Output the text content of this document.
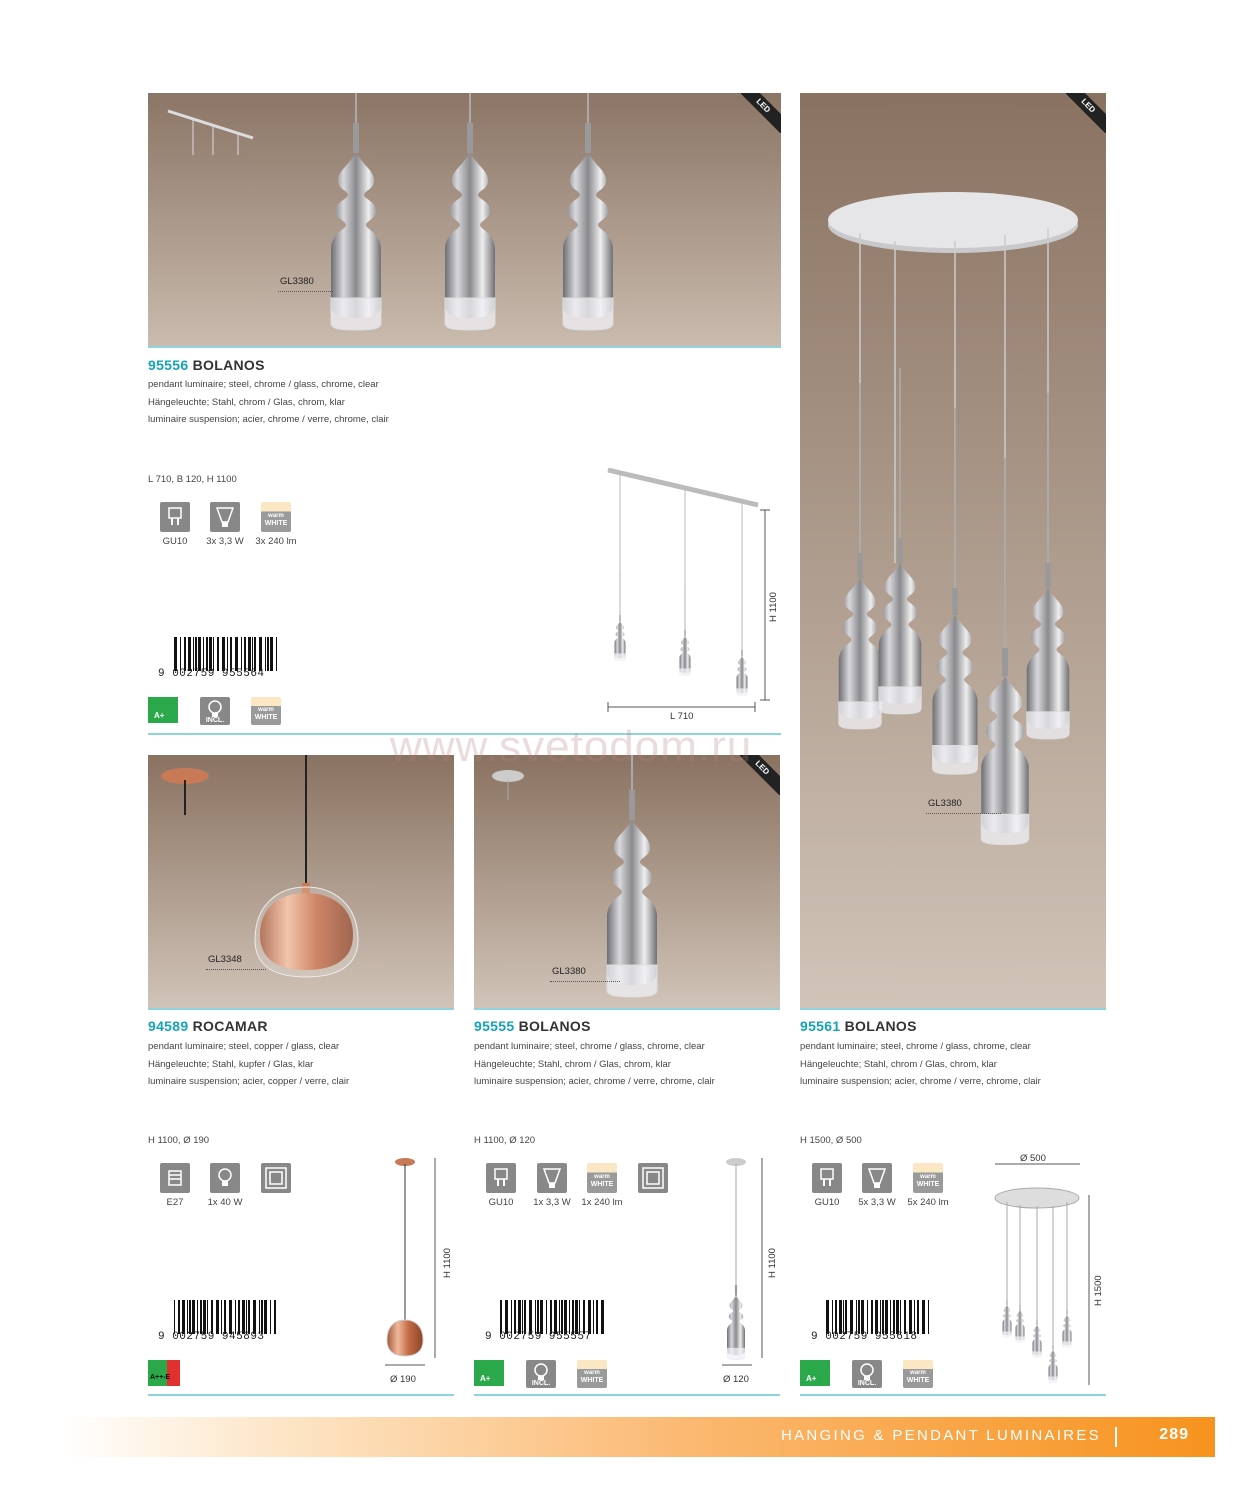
LED
GL3380
95556 BOLANOS
pendant luminaire; steel, chrome / glass, chrome, clear
Hängeleuchte; Stahl, chrom / Glas, chrom, klar
luminaire suspension; acier, chrome / verre, chrome, clair
L 710, B 120, H 1100
GU10	3x 3,3 W
warm
WHITE
3x 240 lm
9 002759 955564
A+
INCL.
warm
WHITE
H 1100
L 710
LED
GL3380
95561 BOLANOS
pendant luminaire; steel, chrome / glass, chrome, clear
Hängeleuchte; Stahl, chrom / Glas, chrom, klar
luminaire suspension; acier, chrome / verre, chrome, clair
H 1500, Ø 500
GU10	5x 3,3 W
warm
WHITE
5x 240 lm
9 002759 955618
A+
INCL.
warm
WHITE
Ø 500
H 1500
GL3348
94589 ROCAMAR
pendant luminaire; steel, copper / glass, clear
Hängeleuchte; Stahl, kupfer / Glas, klar
luminaire suspension; acier, copper / verre, clair
H 1100, Ø 190
E27	1x 40 W
9 002759 945893
A++-E
H 1100
Ø 190
LED
GL3380
95555 BOLANOS
pendant luminaire; steel, chrome / glass, chrome, clear
Hängeleuchte; Stahl, chrom / Glas, chrom, klar
luminaire suspension; acier, chrome / verre, chrome, clair
H 1100, Ø 120
GU10	1x 3,3 W
warm
WHITE
1x 240 lm
9 002759 955557
A+
INCL.
warm
WHITE
H 1100
Ø 120
www.svetodom.ru
HANGING & PENDANT LUMINAIRES	289
